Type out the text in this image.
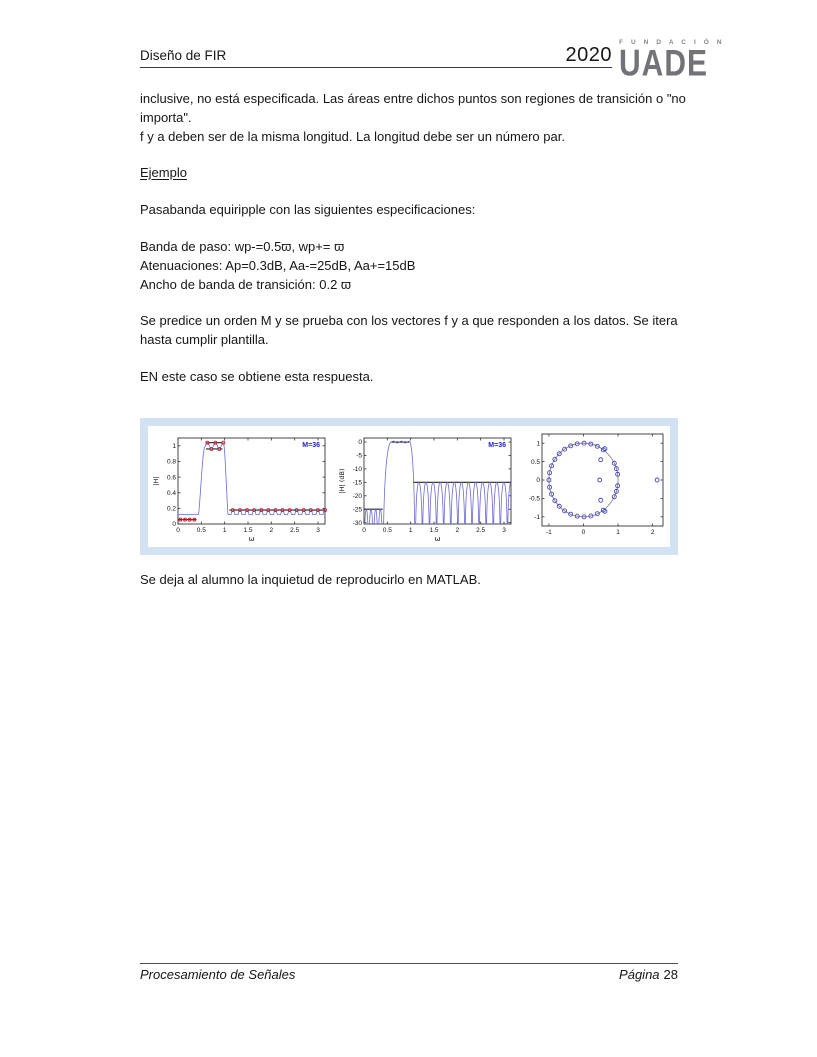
Diseño de FIR	2020
F U N D A C I Ó N
UADE
inclusive, no está especificada. Las áreas entre dichos puntos son regiones de transición o "no importa".
f y a deben ser de la misma longitud. La longitud debe ser un número par.
Ejemplo
Pasabanda equiripple con las siguientes especificaciones:
Banda de paso: wp-=0.5ϖ, wp+= ϖ
Atenuaciones: Ap=0.3dB, Aa-=25dB, Aa+=15dB
Ancho de banda de transición: 0.2 ϖ
Se predice un orden M y se prueba con los vectores f y a que responden a los datos. Se itera hasta cumplir plantilla.
EN este caso se obtiene esta respuesta.
0	0.5	1	1.5	2	2.5	3
0
0.2
0.4
0.6
0.8
1
ω
|H|
M=36
0	0.5	1	1.5	2	2.5	3
0
-5
-10
-15
-20
-25
-30
ω
|H| (dB)
M=36
-1	0	1	2
-1
-0.5
0
0.5
1
Se deja al alumno la inquietud de reproducirlo en MATLAB.
Procesamiento de Señales	Página 28
